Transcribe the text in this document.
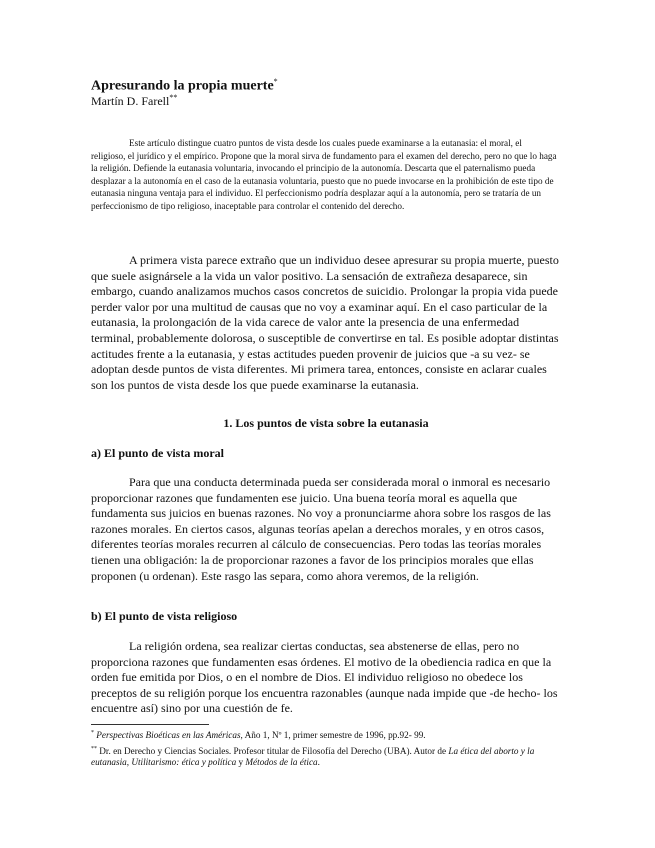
Apresurando la propia muerte*
Martín D. Farell**

Este artículo distingue cuatro puntos de vista desde los cuales puede examinarse a la eutanasia: el moral, el religioso, el jurídico y el empírico. Propone que la moral sirva de fundamento para el examen del derecho, pero no que lo haga la religión. Defiende la eutanasia voluntaria, invocando el principio de la autonomía. Descarta que el paternalismo pueda desplazar a la autonomía en el caso de la eutanasia voluntaria, puesto que no puede invocarse en la prohibición de este tipo de eutanasia ninguna ventaja para el individuo. El perfeccionismo podría desplazar aquí a la autonomía, pero se trataría de un perfeccionismo de tipo religioso, inaceptable para controlar el contenido del derecho.

A primera vista parece extraño que un individuo desee apresurar su propia muerte, puesto que suele asignársele a la vida un valor positivo. La sensación de extrañeza desaparece, sin embargo, cuando analizamos muchos casos concretos de suicidio. Prolongar la propia vida puede perder valor por una multitud de causas que no voy a examinar aquí. En el caso particular de la eutanasia, la prolongación de la vida carece de valor ante la presencia de una enfermedad terminal, probablemente dolorosa, o susceptible de convertirse en tal. Es posible adoptar distintas actitudes frente a la eutanasia, y estas actitudes pueden provenir de juicios que -a su vez- se adoptan desde puntos de vista diferentes. Mi primera tarea, entonces, consiste en aclarar cuales son los puntos de vista desde los que puede examinarse la eutanasia.

1. Los puntos de vista sobre la eutanasia
a) El punto de vista moral

Para que una conducta determinada pueda ser considerada moral o inmoral es necesario proporcionar razones que fundamenten ese juicio. Una buena teoría moral es aquella que fundamenta sus juicios en buenas razones. No voy a pronunciarme ahora sobre los rasgos de las razones morales. En ciertos casos, algunas teorías apelan a derechos morales, y en otros casos, diferentes teorías morales recurren al cálculo de consecuencias. Pero todas las teorías morales tienen una obligación: la de proporcionar razones a favor de los principios morales que ellas proponen (u ordenan). Este rasgo las separa, como ahora veremos, de la religión.

b) El punto de vista religioso

La religión ordena, sea realizar ciertas conductas, sea abstenerse de ellas, pero no proporciona razones que fundamenten esas órdenes. El motivo de la obediencia radica en que la orden fue emitida por Dios, o en el nombre de Dios. El individuo religioso no obedece los preceptos de su religión porque los encuentra razonables (aunque nada impide que -de hecho- los encuentre así) sino por una cuestión de fe.

* Perspectivas Bioéticas en las Américas, Año 1, Nº 1, primer semestre de 1996, pp.92- 99.
** Dr. en Derecho y Ciencias Sociales. Profesor titular de Filosofía del Derecho (UBA). Autor de La ética del aborto y la eutanasia, Utilitarismo: ética y política y Métodos de la ética.
